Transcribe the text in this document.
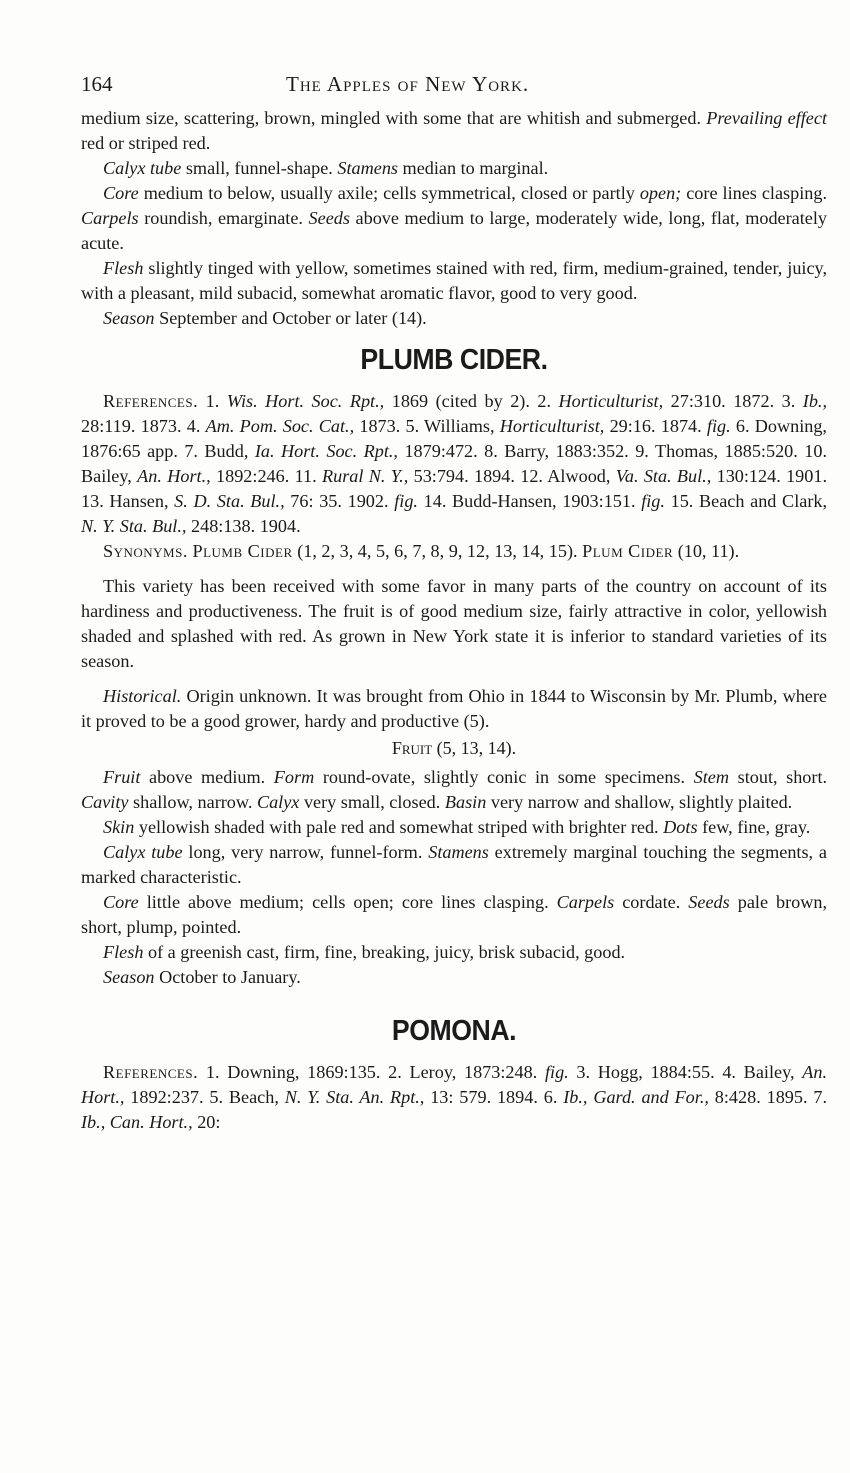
164	The Apples of New York.

medium size, scattering, brown, mingled with some that are whitish and submerged. Prevailing effect red or striped red.

Calyx tube small, funnel-shape. Stamens median to marginal.

Core medium to below, usually axile; cells symmetrical, closed or partly open; core lines clasping. Carpels roundish, emarginate. Seeds above medium to large, moderately wide, long, flat, moderately acute.

Flesh slightly tinged with yellow, sometimes stained with red, firm, medium-grained, tender, juicy, with a pleasant, mild subacid, somewhat aromatic flavor, good to very good.

Season September and October or later (14).

PLUMB CIDER.

References. 1. Wis. Hort. Soc. Rpt., 1869 (cited by 2). 2. Horticulturist, 27:310. 1872. 3. Ib., 28:119. 1873. 4. Am. Pom. Soc. Cat., 1873. 5. Williams, Horticulturist, 29:16. 1874. fig. 6. Downing, 1876:65 app. 7. Budd, Ia. Hort. Soc. Rpt., 1879:472. 8. Barry, 1883:352. 9. Thomas, 1885:520. 10. Bailey, An. Hort., 1892:246. 11. Rural N. Y., 53:794. 1894. 12. Alwood, Va. Sta. Bul., 130:124. 1901. 13. Hansen, S. D. Sta. Bul., 76: 35. 1902. fig. 14. Budd-Hansen, 1903:151. fig. 15. Beach and Clark, N. Y. Sta. Bul., 248:138. 1904.

Synonyms. Plumb Cider (1, 2, 3, 4, 5, 6, 7, 8, 9, 12, 13, 14, 15). Plum Cider (10, 11).

This variety has been received with some favor in many parts of the country on account of its hardiness and productiveness. The fruit is of good medium size, fairly attractive in color, yellowish shaded and splashed with red. As grown in New York state it is inferior to standard varieties of its season.

Historical. Origin unknown. It was brought from Ohio in 1844 to Wisconsin by Mr. Plumb, where it proved to be a good grower, hardy and productive (5).

Fruit (5, 13, 14).

Fruit above medium. Form round-ovate, slightly conic in some specimens. Stem stout, short. Cavity shallow, narrow. Calyx very small, closed. Basin very narrow and shallow, slightly plaited.

Skin yellowish shaded with pale red and somewhat striped with brighter red. Dots few, fine, gray.

Calyx tube long, very narrow, funnel-form. Stamens extremely marginal touching the segments, a marked characteristic.

Core little above medium; cells open; core lines clasping. Carpels cordate. Seeds pale brown, short, plump, pointed.

Flesh of a greenish cast, firm, fine, breaking, juicy, brisk subacid, good.

Season October to January.

POMONA.

References. 1. Downing, 1869:135. 2. Leroy, 1873:248. fig. 3. Hogg, 1884:55. 4. Bailey, An. Hort., 1892:237. 5. Beach, N. Y. Sta. An. Rpt., 13: 579. 1894. 6. Ib., Gard. and For., 8:428. 1895. 7. Ib., Can. Hort., 20:
